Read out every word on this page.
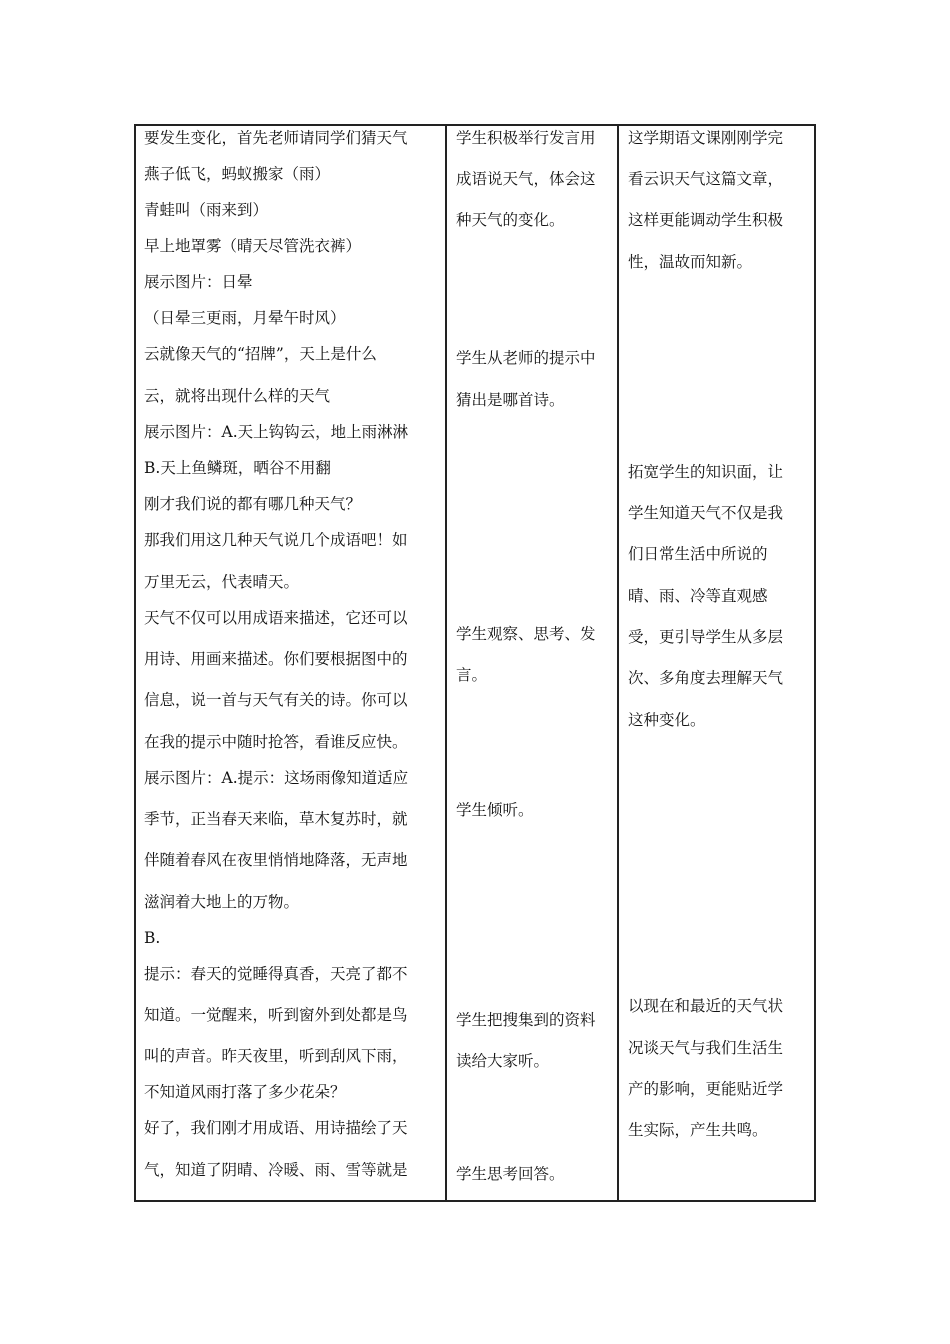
要发生变化，首先老师请同学们猜天气
燕子低飞，蚂蚁搬家（雨）
青蛙叫（雨来到）
早上地罩雾（晴天尽管洗衣裤）
展示图片：日晕
（日晕三更雨，月晕午时风）
云就像天气的“招牌”，天上是什么
云，就将出现什么样的天气
展示图片：A.天上钩钩云，地上雨淋淋
B.天上鱼鳞斑，晒谷不用翻
刚才我们说的都有哪几种天气？
那我们用这几种天气说几个成语吧！如
万里无云，代表晴天。
天气不仅可以用成语来描述，它还可以
用诗、用画来描述。你们要根据图中的
信息，说一首与天气有关的诗。你可以
在我的提示中随时抢答，看谁反应快。
展示图片：A.提示：这场雨像知道适应
季节，正当春天来临，草木复苏时，就
伴随着春风在夜里悄悄地降落，无声地
滋润着大地上的万物。
B.
提示：春天的觉睡得真香，天亮了都不
知道。一觉醒来，听到窗外到处都是鸟
叫的声音。昨天夜里，听到刮风下雨，
不知道风雨打落了多少花朵？
好了，我们刚才用成语、用诗描绘了天
气，知道了阴晴、冷暖、雨、雪等就是
学生积极举行发言用
成语说天气，体会这
种天气的变化。
学生从老师的提示中
猜出是哪首诗。
学生观察、思考、发
言。
学生倾听。
学生把搜集到的资料
读给大家听。
学生思考回答。
这学期语文课刚刚学完
看云识天气这篇文章，
这样更能调动学生积极
性，温故而知新。
拓宽学生的知识面，让
学生知道天气不仅是我
们日常生活中所说的
晴、雨、冷等直观感
受，更引导学生从多层
次、多角度去理解天气
这种变化。
以现在和最近的天气状
况谈天气与我们生活生
产的影响，更能贴近学
生实际，产生共鸣。
